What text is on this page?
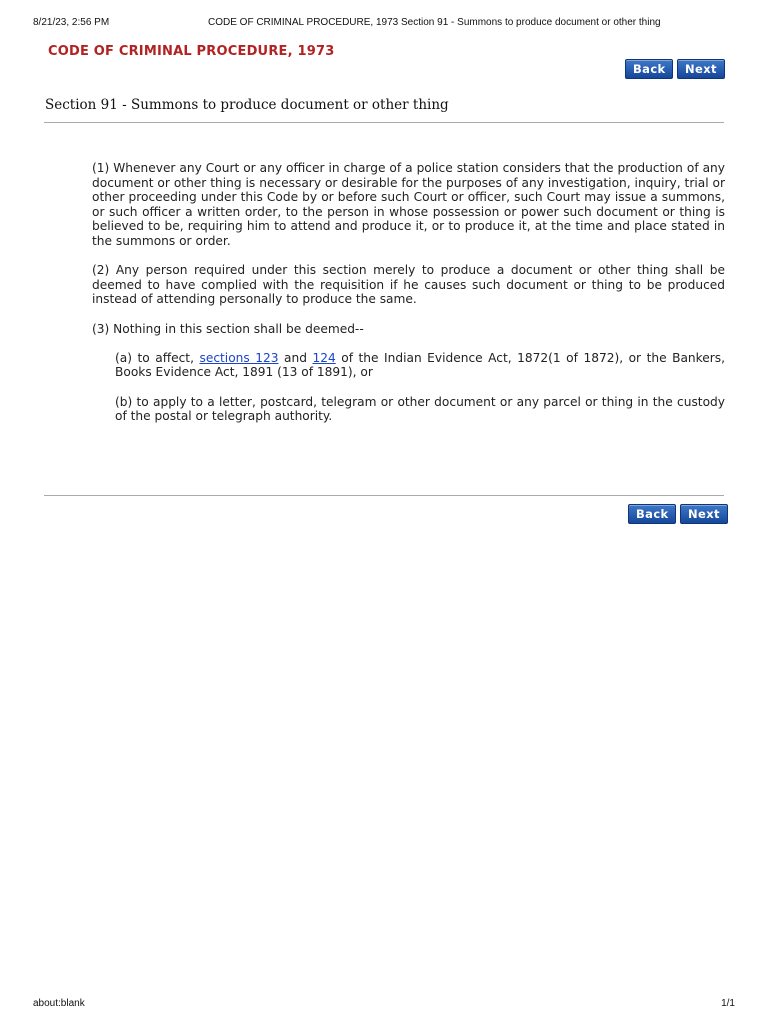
8/21/23, 2:56 PM	CODE OF CRIMINAL PROCEDURE, 1973 Section 91 - Summons to produce document or other thing
CODE OF CRIMINAL PROCEDURE, 1973
Back	Next
Section 91 - Summons to produce document or other thing

(1) Whenever any Court or any officer in charge of a police station considers that the production of any document or other thing is necessary or desirable for the purposes of any investigation, inquiry, trial or other proceeding under this Code by or before such Court or officer, such Court may issue a summons, or such officer a written order, to the person in whose possession or power such document or thing is believed to be, requiring him to attend and produce it, or to produce it, at the time and place stated in the summons or order.

(2) Any person required under this section merely to produce a document or other thing shall be deemed to have complied with the requisition if he causes such document or thing to be produced instead of attending personally to produce the same.

(3) Nothing in this section shall be deemed--

(a) to affect, sections 123 and 124 of the Indian Evidence Act, 1872(1 of 1872), or the Bankers, Books Evidence Act, 1891 (13 of 1891), or

(b) to apply to a letter, postcard, telegram or other document or any parcel or thing in the custody of the postal or telegraph authority.

Back	Next
about:blank	1/1
